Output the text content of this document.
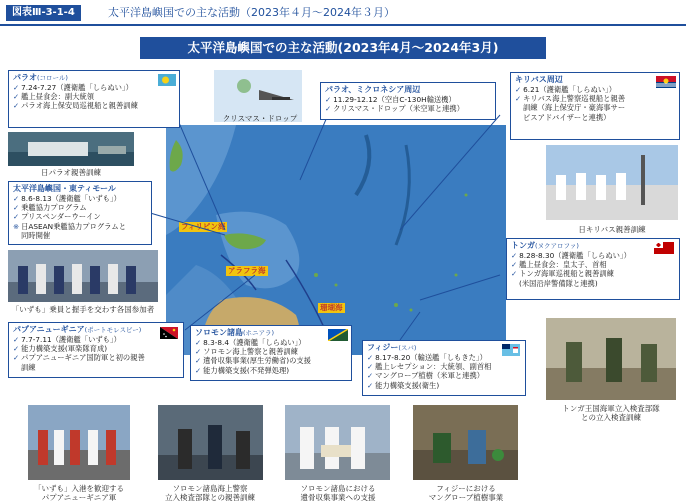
図表Ⅲ-3-1-4	太平洋島嶼国での主な活動（2023年４月～2024年３月）
太平洋島嶼国での主な活動(2023年4月～2024年3月)
フィリピン海
アラフラ海
珊瑚海
クリスマス・ドロップ
日パラオ親善訓練
日キリバス親善訓練
「いずも」乗員と握手を交わす各国参加者
トンガ王国海軍立入検査部隊
との立入検査訓練
「いずも」入港を歓迎する
パプアニューギニア軍
ソロモン諸島海上警察
立入検査部隊との親善訓練
ソロモン諸島における
遺骨収集事業への支援
フィジーにおける
マングローブ植樹事業
パラオ(コロール)
✓ 7.24-7.27（護衛艦「しらぬい」）
✓ 艦上昼食会：副大統領
✓ パラオ海上保安局巡視船と親善訓練
パラオ、ミクロネシア周辺
✓ 11.29-12.12（空自C-130H輸送機）
✓ クリスマス・ドロップ（米空軍と連携）
キリバス周辺
✓ 6.21（護衛艦「しらぬい」）
✓ キリバス海上警察巡視船と親善
訓練（海上保安庁・豪海事サー
ビスアドバイザーと連携）
太平洋島嶼国・東ティモール
✓ 8.6-8.13（護衛艦「いずも」）
✓ 乗艦協力プログラム
✓ プリスペンダーウーイン
※ 日ASEAN乗艦協力プログラムと
同時開催
トンガ(ヌクアロファ)
✓ 8.28-8.30（護衛艦「しらぬい」）
✓ 艦上昼食会：皇太子、首相
✓ トンガ海軍巡視船と親善訓練
(米国沿岸警備隊と連携)
パプアニューギニア(ポートモレスビー)
✓ 7.7-7.11（護衛艦「いずも」）
✓ 能力構築支援(軍楽隊育成)
✓ パプアニューギニア国防軍と初の親善
訓練
ソロモン諸島(ホニアラ)
✓ 8.3-8.4（護衛艦「しらぬい」）
✓ ソロモン海上警察と親善訓練
✓ 遺骨収集事業(厚生労働省)の支援
✓ 能力構築支援(不発弾処理)
フィジー(スバ)
✓ 8.17-8.20（輸送艦「しもきた」）
✓ 艦上レセプション：大統領、副首相
✓ マングローブ植樹（米軍と連携）
✓ 能力構築支援(衛生)
